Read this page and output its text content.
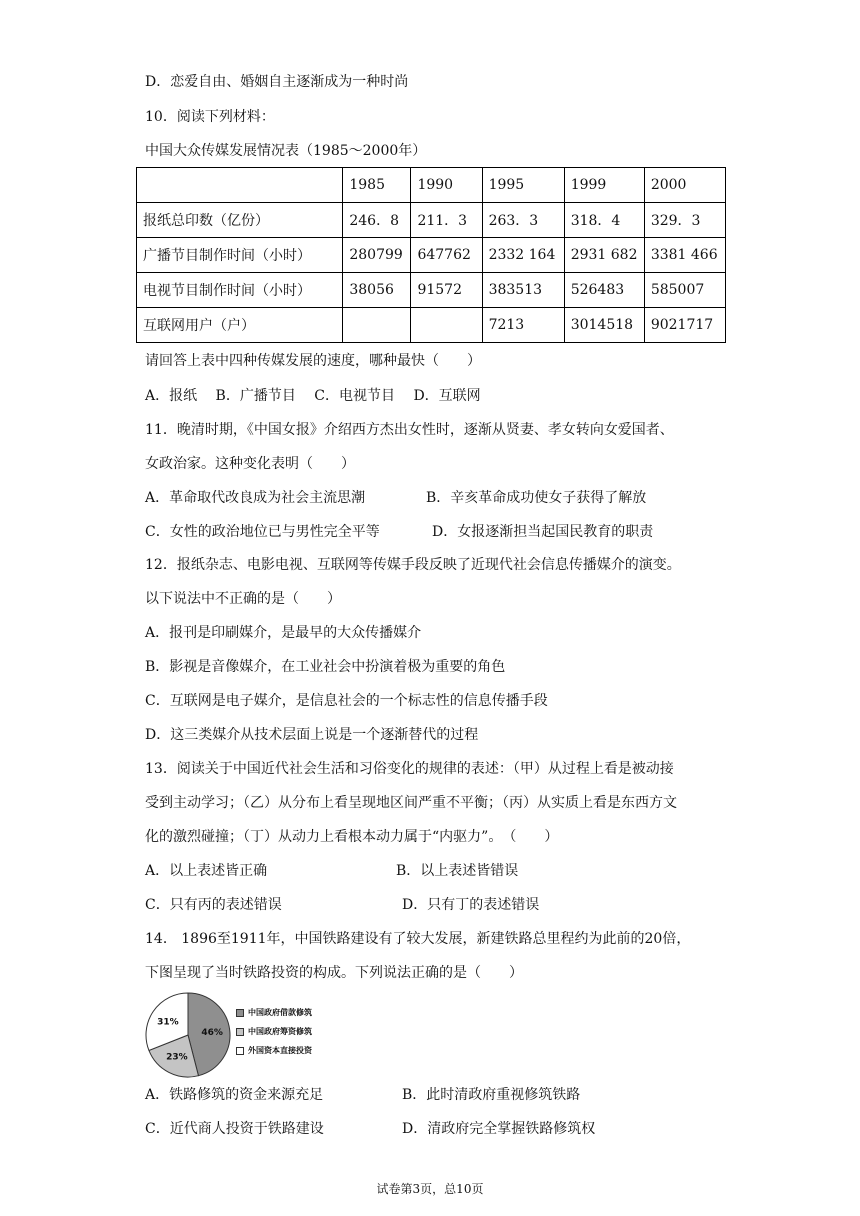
D．恋爱自由、婚姻自主逐渐成为一种时尚
10．阅读下列材料：
中国大众传媒发展情况表（1985～2000年）
	1985	1990	1995	1999	2000
报纸总印数（亿份）	246．8	211．3	263．3	318．4	329．3
广播节目制作时间（小时）	280799	647762	2332 164	2931 682	3381 466
电视节目制作时间（小时）	38056	91572	383513	526483	585007
互联网用户（户）			7213	3014518	9021717
请回答上表中四种传媒发展的速度，哪种最快（　　）
A．报纸　 B．广播节目　 C．电视节目　 D．互联网
11．晚清时期，《中国女报》介绍西方杰出女性时，逐渐从贤妻、孝女转向女爱国者、
女政治家。这种变化表明（　　）
A．革命取代改良成为社会主流思潮	B．辛亥革命成功使女子获得了解放
C．女性的政治地位已与男性完全平等	D．女报逐渐担当起国民教育的职责
12．报纸杂志、电影电视、互联网等传媒手段反映了近现代社会信息传播媒介的演变。
以下说法中不正确的是（　　）
A．报刊是印刷媒介，是最早的大众传播媒介
B．影视是音像媒介，在工业社会中扮演着极为重要的角色
C．互联网是电子媒介，是信息社会的一个标志性的信息传播手段
D．这三类媒介从技术层面上说是一个逐渐替代的过程
13．阅读关于中国近代社会生活和习俗变化的规律的表述：（甲）从过程上看是被动接
受到主动学习；（乙）从分布上看呈现地区间严重不平衡；（丙）从实质上看是东西方文
化的激烈碰撞；（丁）从动力上看根本动力属于“内驱力”。　（　　）
A．以上表述皆正确	B．以上表述皆错误
C．只有丙的表述错误	D．只有丁的表述错误
14． 1896至1911年，中国铁路建设有了较大发展，新建铁路总里程约为此前的20倍，
下图呈现了当时铁路投资的构成。下列说法正确的是（　　）
46%
23%
31%
中国政府借款修筑
中国政府筹资修筑
外国资本直接投资
A．铁路修筑的资金来源充足	B．此时清政府重视修筑铁路
C．近代商人投资于铁路建设	D．清政府完全掌握铁路修筑权
试卷第3页，总10页
